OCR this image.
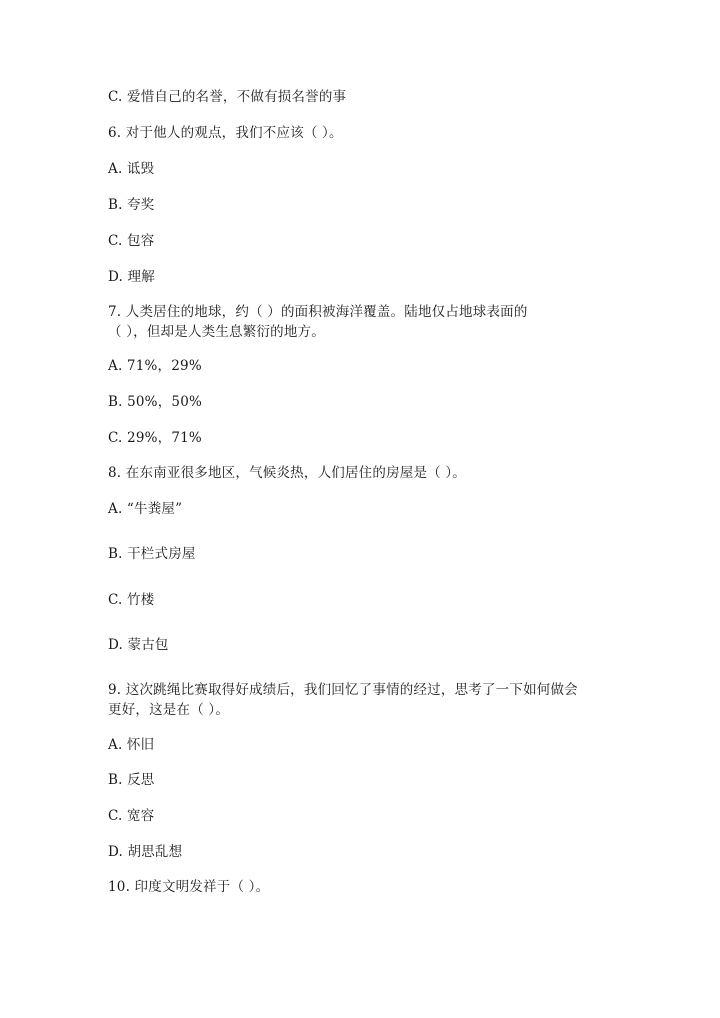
C. 爱惜自己的名誉，不做有损名誉的事
6. 对于他人的观点，我们不应该（ ）。
A. 诋毁
B. 夸奖
C. 包容
D. 理解
7. 人类居住的地球，约（ ）的面积被海洋覆盖。陆地仅占地球表面的
（ ），但却是人类生息繁衍的地方。
A. 71%，29%
B. 50%，50%
C. 29%，71%
8. 在东南亚很多地区，气候炎热，人们居住的房屋是（ ）。
A. “牛粪屋”
B. 干栏式房屋
C. 竹楼
D. 蒙古包
9. 这次跳绳比赛取得好成绩后，我们回忆了事情的经过，思考了一下如何做会
更好，这是在（ ）。
A. 怀旧
B. 反思
C. 宽容
D. 胡思乱想
10. 印度文明发祥于（ ）。
